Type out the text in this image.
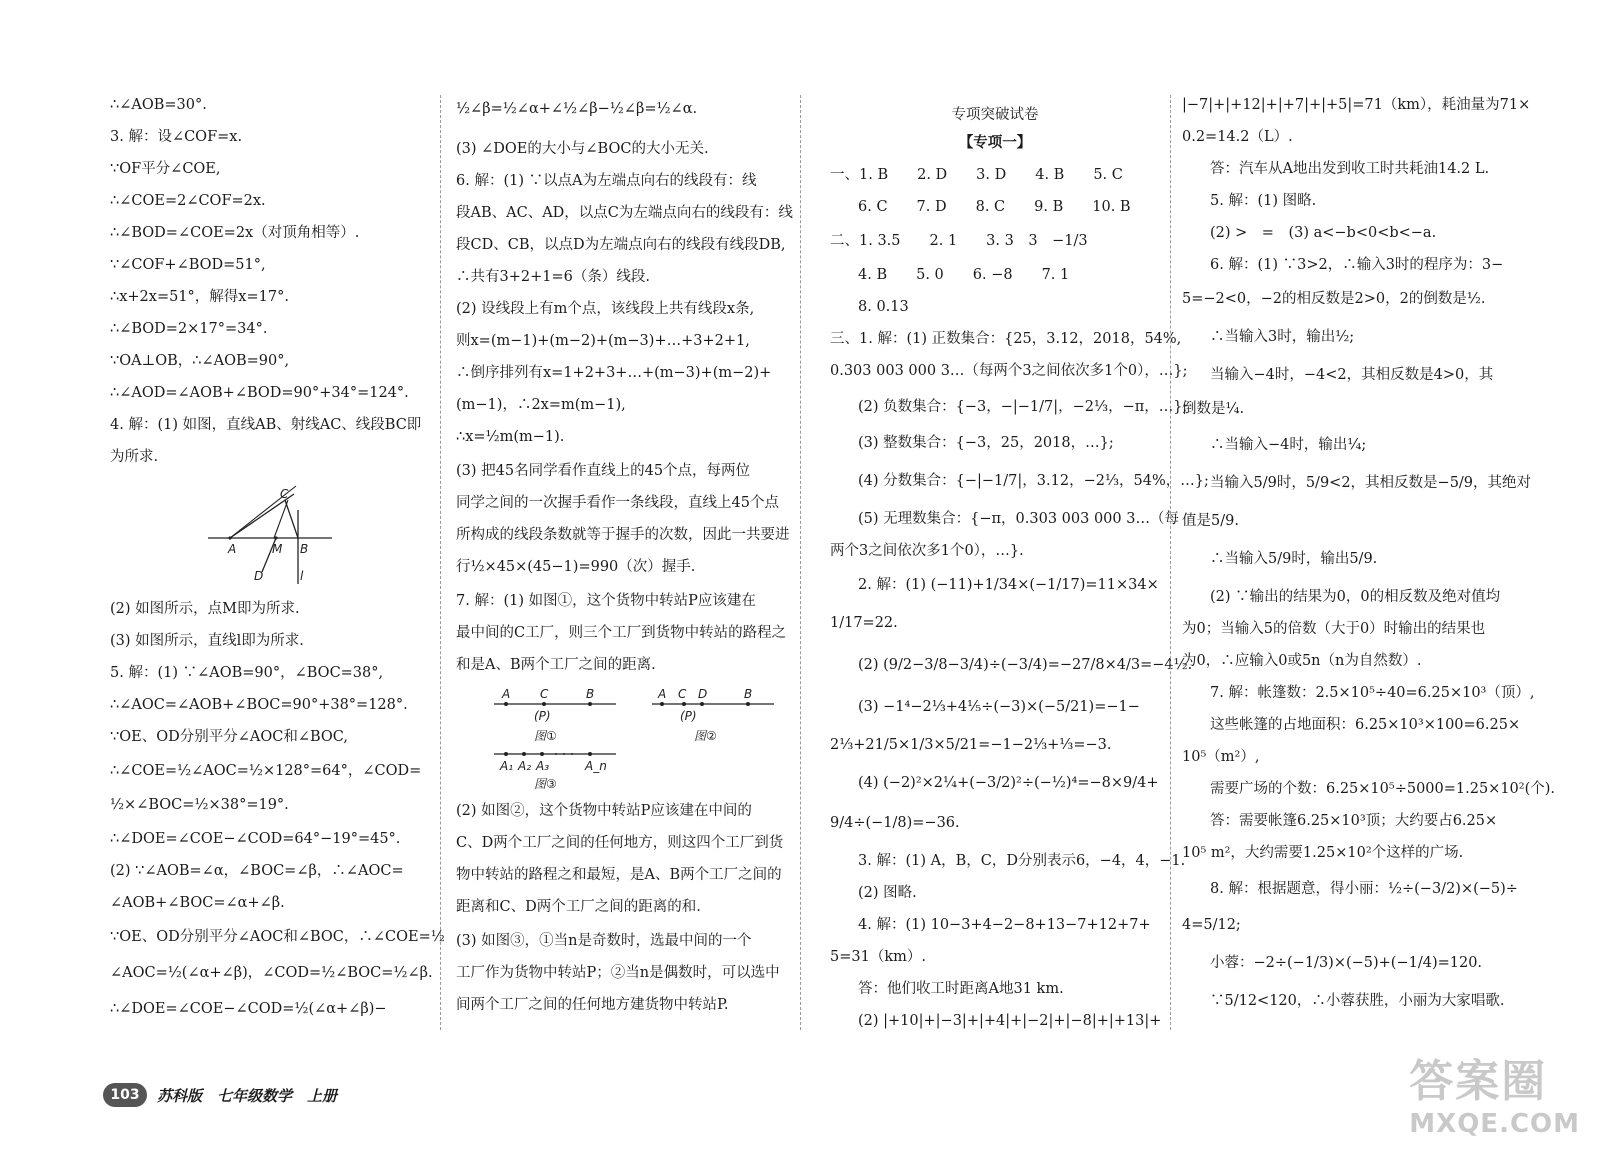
∴∠AOB=30°.
3. 解：设∠COF=x.
∵OF平分∠COE,
∴∠COE=2∠COF=2x.
∴∠BOD=∠COE=2x（对顶角相等）.
∵∠COF+∠BOD=51°,
∴x+2x=51°，解得x=17°.
∴∠BOD=2×17°=34°.
∵OA⊥OB，∴∠AOB=90°,
∴∠AOD=∠AOB+∠BOD=90°+34°=124°.
4. 解：(1) 如图，直线AB、射线AC、线段BC即
为所求.
(2) 如图所示，点M即为所求.
(3) 如图所示，直线l即为所求.
5. 解：(1) ∵∠AOB=90°，∠BOC=38°,
∴∠AOC=∠AOB+∠BOC=90°+38°=128°.
∵OE、OD分别平分∠AOC和∠BOC,
∴∠COE=½∠AOC=½×128°=64°，∠COD=
½×∠BOC=½×38°=19°.
∴∠DOE=∠COE−∠COD=64°−19°=45°.
(2) ∵∠AOB=∠α，∠BOC=∠β，∴∠AOC=
∠AOB+∠BOC=∠α+∠β.
∵OE、OD分别平分∠AOC和∠BOC，∴∠COE=½
∠AOC=½(∠α+∠β)，∠COD=½∠BOC=½∠β.
∴∠DOE=∠COE−∠COD=½(∠α+∠β)−
C
A	M B
D	l
½∠β=½∠α+∠½∠β−½∠β=½∠α.
(3) ∠DOE的大小与∠BOC的大小无关.
6. 解：(1) ∵以点A为左端点向右的线段有：线
段AB、AC、AD，以点C为左端点向右的线段有：线
段CD、CB，以点D为左端点向右的线段有线段DB,
∴共有3+2+1=6（条）线段.
(2) 设线段上有m个点，该线段上共有线段x条,
则x=(m−1)+(m−2)+(m−3)+…+3+2+1,
∴倒序排列有x=1+2+3+…+(m−3)+(m−2)+
(m−1)，∴2x=m(m−1),
∴x=½m(m−1).
(3) 把45名同学看作直线上的45个点，每两位
同学之间的一次握手看作一条线段，直线上45个点
所构成的线段条数就等于握手的次数，因此一共要进
行½×45×(45−1)=990（次）握手.
7. 解：(1) 如图①，这个货物中转站P应该建在
最中间的C工厂，则三个工厂到货物中转站的路程之
和是A、B两个工厂之间的距离.
(2) 如图②，这个货物中转站P应该建在中间的
C、D两个工厂之间的任何地方，则这四个工厂到货
物中转站的路程之和最短，是A、B两个工厂之间的
距离和C、D两个工厂之间的距离的和.
(3) 如图③，①当n是奇数时，选最中间的一个
工厂作为货物中转站P；②当n是偶数时，可以选中
间两个工厂之间的任何地方建货物中转站P.
A C	B
(P)
图①
A C D	B
(P)
图②
A₁ A₂ A₃	A_n
图③
专项突破试卷
【专项一】
一、1. B　　2. D　　3. D　　4. B　　5. C
6. C　　7. D　　8. C　　9. B　　10. B
二、1. 3.5　　2. 1　　3. 3　3　−1/3
4. B　　5. 0　　6. −8　　7. 1
8. 0.13
三、1. 解：(1) 正数集合：{25，3.12，2018，54%,
0.303 003 000 3…（每两个3之间依次多1个0），…};
(2) 负数集合：{−3，−|−1/7|，−2⅓，−π，…};
(3) 整数集合：{−3，25，2018，…};
(4) 分数集合：{−|−1/7|，3.12，−2⅓，54%，…};
(5) 无理数集合：{−π，0.303 003 000 3…（每
两个3之间依次多1个0），…}.
2. 解：(1) (−11)+1/34×(−1/17)=11×34×
1/17=22.
(2) (9/2−3/8−3/4)÷(−3/4)=−27/8×4/3=−4½.
(3) −1⁴−2⅓+4⅕÷(−3)×(−5/21)=−1−
2⅓+21/5×1/3×5/21=−1−2⅓+⅓=−3.
(4) (−2)²×2¼+(−3/2)²÷(−½)⁴=−8×9/4+
9/4÷(−1/8)=−36.
3. 解：(1) A，B，C，D分别表示6，−4，4，−1.
(2) 图略.
4. 解：(1) 10−3+4−2−8+13−7+12+7+
5=31（km）.
答：他们收工时距离A地31 km.
(2) |+10|+|−3|+|+4|+|−2|+|−8|+|+13|+
|−7|+|+12|+|+7|+|+5|=71（km），耗油量为71×
0.2=14.2（L）.
答：汽车从A地出发到收工时共耗油14.2 L.
5. 解：(1) 图略.
(2) >　=　(3) a<−b<0<b<−a.
6. 解：(1) ∵3>2，∴输入3时的程序为：3−
5=−2<0，−2的相反数是2>0，2的倒数是½.
∴当输入3时，输出½;
当输入−4时，−4<2，其相反数是4>0，其
倒数是¼.
∴当输入−4时，输出¼;
当输入5/9时，5/9<2，其相反数是−5/9，其绝对
值是5/9.
∴当输入5/9时，输出5/9.
(2) ∵输出的结果为0，0的相反数及绝对值均
为0；当输入5的倍数（大于0）时输出的结果也
为0，∴应输入0或5n（n为自然数）.
7. 解：帐篷数：2.5×10⁵÷40=6.25×10³（顶）,
这些帐篷的占地面积：6.25×10³×100=6.25×
10⁵（m²）,
需要广场的个数：6.25×10⁵÷5000=1.25×10²(个).
答：需要帐篷6.25×10³顶；大约要占6.25×
10⁵ m²，大约需要1.25×10²个这样的广场.
8. 解：根据题意，得小丽：½÷(−3/2)×(−5)÷
4=5/12;
小蓉：−2÷(−1/3)×(−5)+(−1/4)=120.
∵5/12<120，∴小蓉获胜，小丽为大家唱歌.
103	苏科版　七年级数学　上册	答案圈
MXQE.COM
